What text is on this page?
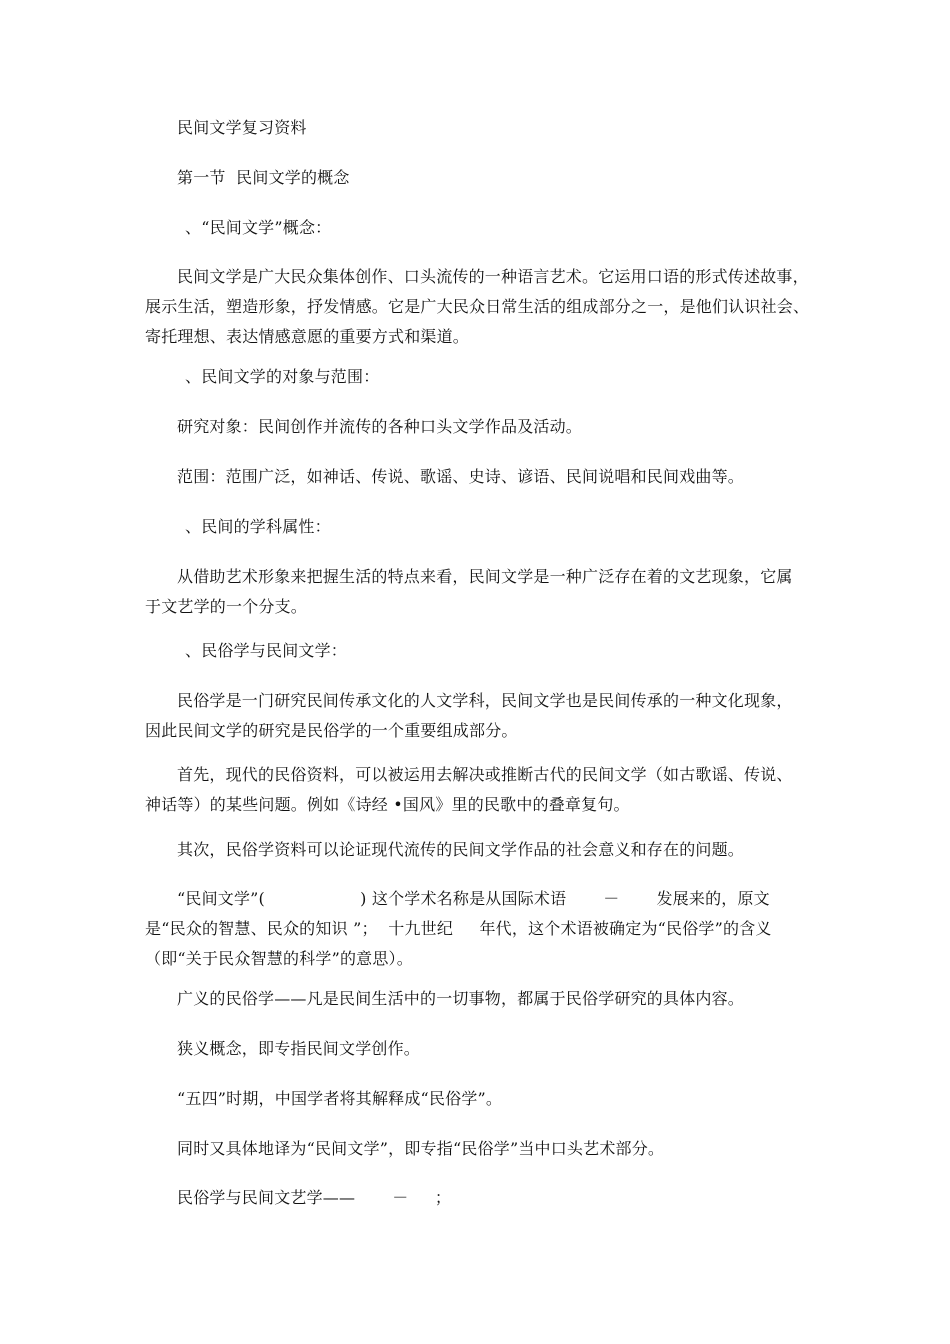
民间文学复习资料
第一节  民间文学的概念
、“民间文学”概念：
民间文学是广大民众集体创作、口头流传的一种语言艺术。它运用口语的形式传述故事，
展示生活，塑造形象，抒发情感。它是广大民众日常生活的组成部分之一，是他们认识社会、
寄托理想、表达情感意愿的重要方式和渠道。
、民间文学的对象与范围：
研究对象：民间创作并流传的各种口头文学作品及活动。
范围：范围广泛，如神话、传说、歌谣、史诗、谚语、民间说唱和民间戏曲等。
、民间的学科属性：
从借助艺术形象来把握生活的特点来看，民间文学是一种广泛存在着的文艺现象，它属
于文艺学的一个分支。
、民俗学与民间文学：
民俗学是一门研究民间传承文化的人文学科，民间文学也是民间传承的一种文化现象，
因此民间文学的研究是民俗学的一个重要组成部分。
首先，现代的民俗资料，可以被运用去解决或推断古代的民间文学（如古歌谣、传说、
神话等）的某些问题。例如《诗经 •国风》里的民歌中的叠章复句。
其次，民俗学资料可以论证现代流传的民间文学作品的社会意义和存在的问题。
“民间文学”(                  ) 这个学术名称是从国际术语       －       发展来的，原文
是“民众的智慧、民众的知识 ”；  十九世纪     年代，这个术语被确定为“民俗学”的含义
（即“关于民众智慧的科学”的意思）。
广义的民俗学——凡是民间生活中的一切事物，都属于民俗学研究的具体内容。
狭义概念，即专指民间文学创作。
“五四”时期，中国学者将其解释成“民俗学”。
同时又具体地译为“民间文学”，即专指“民俗学”当中口头艺术部分。
民俗学与民间文艺学——       －     ；
